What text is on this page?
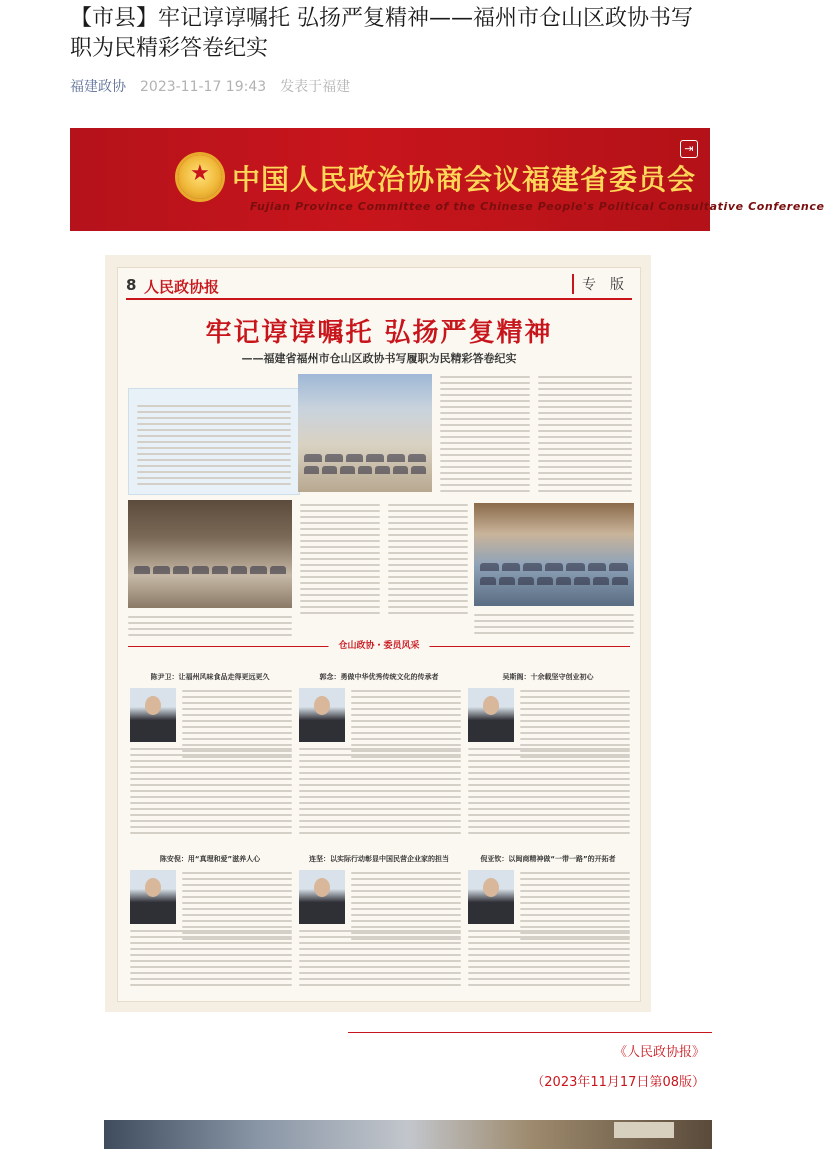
【市县】牢记谆谆嘱托 弘扬严复精神——福州市仓山区政协书写职为民精彩答卷纪实
福建政协 2023-11-17 19:43 发表于福建
★
中国人民政治协商会议福建省委员会
Fujian Province Committee of the Chinese People's Political Consultative Conference
⇥
8 人民政协报	专　版
牢记谆谆嘱托 弘扬严复精神
——福建省福州市仓山区政协书写履职为民精彩答卷纪实
仓山政协・委员风采
陈尹卫：让福州风味食品走得更远更久	郭念：勇做中华优秀传统文化的传承者	吴斯阁：十余载坚守创业初心
陈安倪：用“真理和爱”滋养人心	连坚：以实际行动彰显中国民营企业家的担当	倪亚钦：以闽商精神做“一带一路”的开拓者
《人民政协报》
（2023年11月17日第08版）
